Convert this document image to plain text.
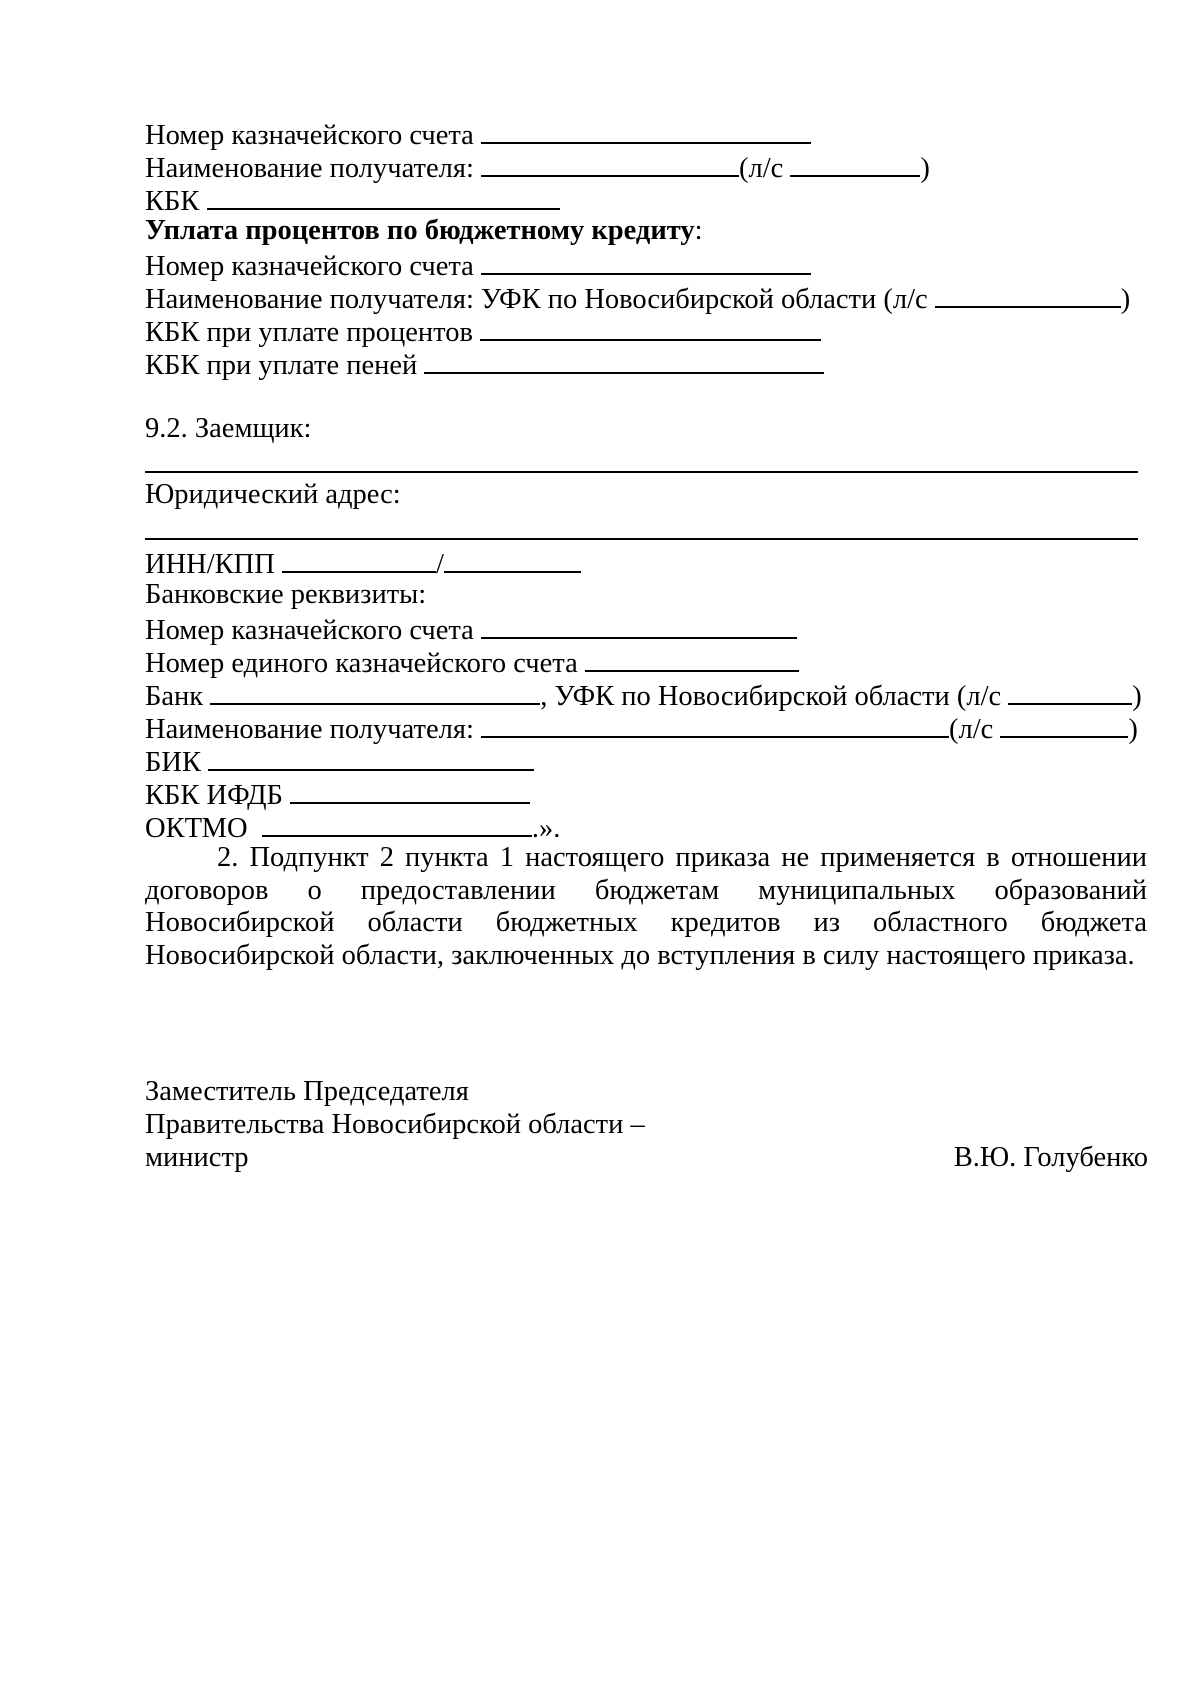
Номер казначейского счета
Наименование получателя:	(л/с	)
КБК
Уплата процентов по бюджетному кредиту:
Номер казначейского счета
Наименование получателя: УФК по Новосибирской области (л/с	)
КБК при уплате процентов
КБК при уплате пеней
9.2. Заемщик:
Юридический адрес:
ИНН/КПП	/
Банковские реквизиты:
Номер казначейского счета
Номер единого казначейского счета
Банк	, УФК по Новосибирской области (л/с	)
Наименование получателя:	(л/с	)
БИК
КБК ИФДБ
ОКТМО	.».
2. Подпункт 2 пункта 1 настоящего приказа не применяется в отношении договоров о предоставлении бюджетам муниципальных образований Новосибирской области бюджетных кредитов из областного бюджета Новосибирской области, заключенных до вступления в силу настоящего приказа.
Заместитель Председателя
Правительства Новосибирской области –
министр	В.Ю. Голубенко
